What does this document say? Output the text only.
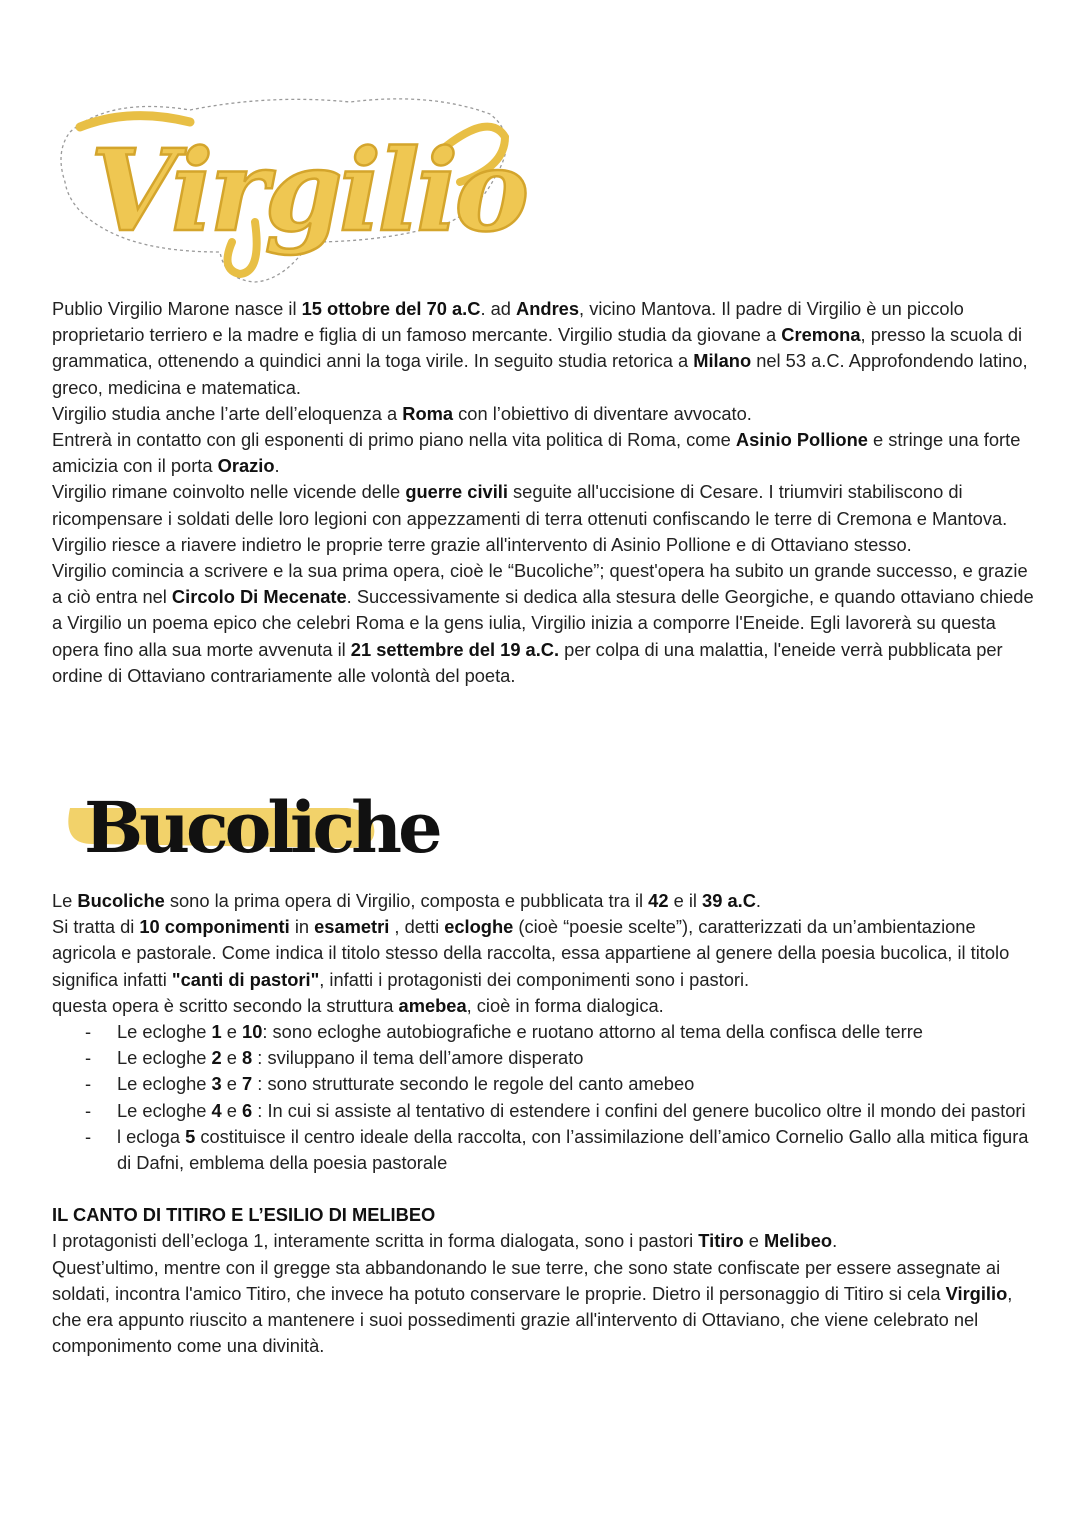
Virgilio

Publio Virgilio Marone nasce il 15 ottobre del 70 a.C. ad Andres, vicino Mantova. Il padre di Virgilio è un piccolo proprietario terriero e la madre e figlia di un famoso mercante. Virgilio studia da giovane a Cremona, presso la scuola di grammatica, ottenendo a quindici anni la toga virile. In seguito studia retorica a Milano nel 53 a.C. Approfondendo latino, greco, medicina e matematica.

Virgilio studia anche l’arte dell’eloquenza a Roma con l’obiettivo di diventare avvocato.

Entrerà in contatto con gli esponenti di primo piano nella vita politica di Roma, come Asinio Pollione e stringe una forte amicizia con il porta Orazio.

Virgilio rimane coinvolto nelle vicende delle guerre civili seguite all'uccisione di Cesare. I triumviri stabiliscono di ricompensare i soldati delle loro legioni con appezzamenti di terra ottenuti confiscando le terre di Cremona e Mantova. Virgilio riesce a riavere indietro le proprie terre grazie all'intervento di Asinio Pollione e di Ottaviano stesso.

Virgilio comincia a scrivere e la sua prima opera, cioè le “Bucoliche”; quest'opera ha subito un grande successo, e grazie a ciò entra nel Circolo Di Mecenate. Successivamente si dedica alla stesura delle Georgiche, e quando ottaviano chiede a Virgilio un poema epico che celebri Roma e la gens iulia, Virgilio inizia a comporre l'Eneide. Egli lavorerà su questa opera fino alla sua morte avvenuta il 21 settembre del 19 a.C. per colpa di una malattia, l'eneide verrà pubblicata per ordine di Ottaviano contrariamente alle volontà del poeta.

Bucoliche

Le Bucoliche sono la prima opera di Virgilio, composta e pubblicata tra il 42 e il 39 a.C.

Si tratta di 10 componimenti in esametri , detti ecloghe (cioè “poesie scelte”), caratterizzati da un’ambientazione agricola e pastorale. Come indica il titolo stesso della raccolta, essa appartiene al genere della poesia bucolica, il titolo significa infatti "canti di pastori", infatti i protagonisti dei componimenti sono i pastori.

questa opera è scritto secondo la struttura amebea, cioè in forma dialogica.

- Le ecloghe 1 e 10: sono ecloghe autobiografiche e ruotano attorno al tema della confisca delle terre
- Le ecloghe 2 e 8 : sviluppano il tema dell’amore disperato
- Le ecloghe 3 e 7 : sono strutturate secondo le regole del canto amebeo
- Le ecloghe 4 e 6 : In cui si assiste al tentativo di estendere i confini del genere bucolico oltre il mondo dei pastori
- l ecloga 5 costituisce il centro ideale della raccolta, con l’assimilazione dell’amico Cornelio Gallo alla mitica figura di Dafni, emblema della poesia pastorale

IL CANTO DI TITIRO E L’ESILIO DI MELIBEO

I protagonisti dell’ecloga 1, interamente scritta in forma dialogata, sono i pastori Titiro e Melibeo.

Quest’ultimo, mentre con il gregge sta abbandonando le sue terre, che sono state confiscate per essere assegnate ai soldati, incontra l'amico Titiro, che invece ha potuto conservare le proprie. Dietro il personaggio di Titiro si cela Virgilio, che era appunto riuscito a mantenere i suoi possedimenti grazie all'intervento di Ottaviano, che viene celebrato nel componimento come una divinità.
